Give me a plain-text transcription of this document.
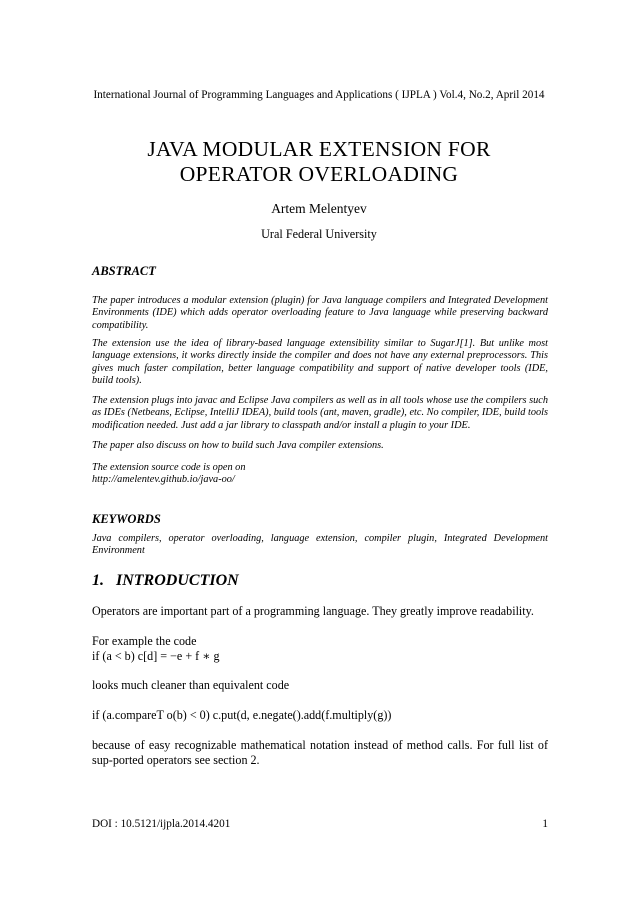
International Journal of Programming Languages and Applications ( IJPLA ) Vol.4, No.2, April 2014
JAVA MODULAR EXTENSION FOR
OPERATOR OVERLOADING
Artem Melentyev
Ural Federal University

ABSTRACT

The paper introduces a modular extension (plugin) for Java language compilers and Integrated Development Environments (IDE) which adds operator overloading feature to Java language while preserving backward compatibility.

The extension use the idea of library-based language extensibility similar to SugarJ[1]. But unlike most language extensions, it works directly inside the compiler and does not have any external preprocessors. This gives much faster compilation, better language compatibility and support of native developer tools (IDE, build tools).

The extension plugs into javac and Eclipse Java compilers as well as in all tools whose use the compilers such as IDEs (Netbeans, Eclipse, IntelliJ IDEA), build tools (ant, maven, gradle), etc. No compiler, IDE, build tools modification needed. Just add a jar library to classpath and/or install a plugin to your IDE.

The paper also discuss on how to build such Java compiler extensions.

The extension source code is open on

http://amelentev.github.io/java-oo/

KEYWORDS

Java compilers, operator overloading, language extension, compiler plugin, Integrated Development Environment

1. INTRODUCTION

Operators are important part of a programming language. They greatly improve readability.

For example the code

if (a < b) c[d] = −e + f ∗ g

looks much cleaner than equivalent code

if (a.compareT o(b) < 0) c.put(d, e.negate().add(f.multiply(g))

because of easy recognizable mathematical notation instead of method calls. For full list of sup-ported operators see section 2.

DOI : 10.5121/ijpla.2014.4201	1
